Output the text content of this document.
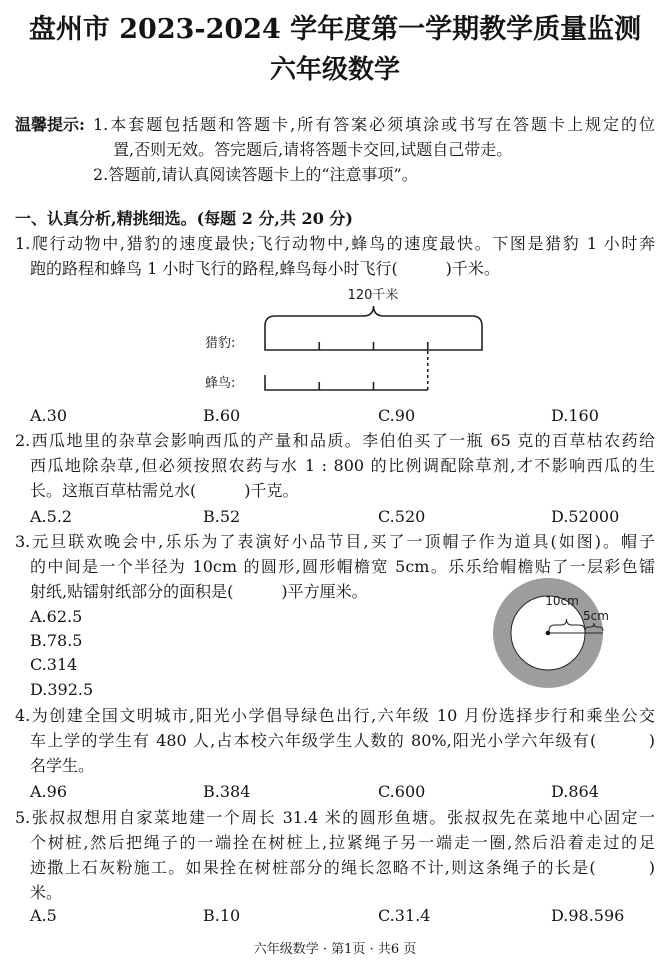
盘州市 2023-2024 学年度第一学期教学质量监测
六年级数学
温馨提示: 1.本套题包括题和答题卡,所有答案必须填涂或书写在答题卡上规定的位
置,否则无效。答完题后,请将答题卡交回,试题自己带走。
2.答题前,请认真阅读答题卡上的“注意事项”。
一、认真分析,精挑细选。(每题 2 分,共 20 分)
1.爬行动物中,猎豹的速度最快;飞行动物中,蜂鸟的速度最快。下图是猎豹 1 小时奔
跑的路程和蜂鸟 1 小时飞行的路程,蜂鸟每小时飞行(　　　)千米。
120千米
猎豹:
蜂鸟:
A.30	B.60	C.90	D.160
2.西瓜地里的杂草会影响西瓜的产量和品质。李伯伯买了一瓶 65 克的百草枯农药给
西瓜地除杂草,但必须按照农药与水 1 : 800 的比例调配除草剂,才不影响西瓜的生
长。这瓶百草枯需兑水(　　　)千克。
A.5.2	B.52	C.520	D.52000
3.元旦联欢晚会中,乐乐为了表演好小品节目,买了一顶帽子作为道具(如图)。帽子
的中间是一个半径为 10cm 的圆形,圆形帽檐宽 5cm。乐乐给帽檐贴了一层彩色镭
射纸,贴镭射纸部分的面积是(　　　)平方厘米。
A.62.5
B.78.5
C.314
D.392.5
10cm
5cm
4.为创建全国文明城市,阳光小学倡导绿色出行,六年级 10 月份选择步行和乘坐公交
车上学的学生有 480 人,占本校六年级学生人数的 80%,阳光小学六年级有(　　　)
名学生。
A.96	B.384	C.600	D.864
5.张叔叔想用自家菜地建一个周长 31.4 米的圆形鱼塘。张叔叔先在菜地中心固定一
个树桩,然后把绳子的一端拴在树桩上,拉紧绳子另一端走一圈,然后沿着走过的足
迹撒上石灰粉施工。如果拴在树桩部分的绳长忽略不计,则这条绳子的长是(　　　)
米。
A.5	B.10	C.31.4	D.98.596
六年级数学 · 第1页 · 共6 页
